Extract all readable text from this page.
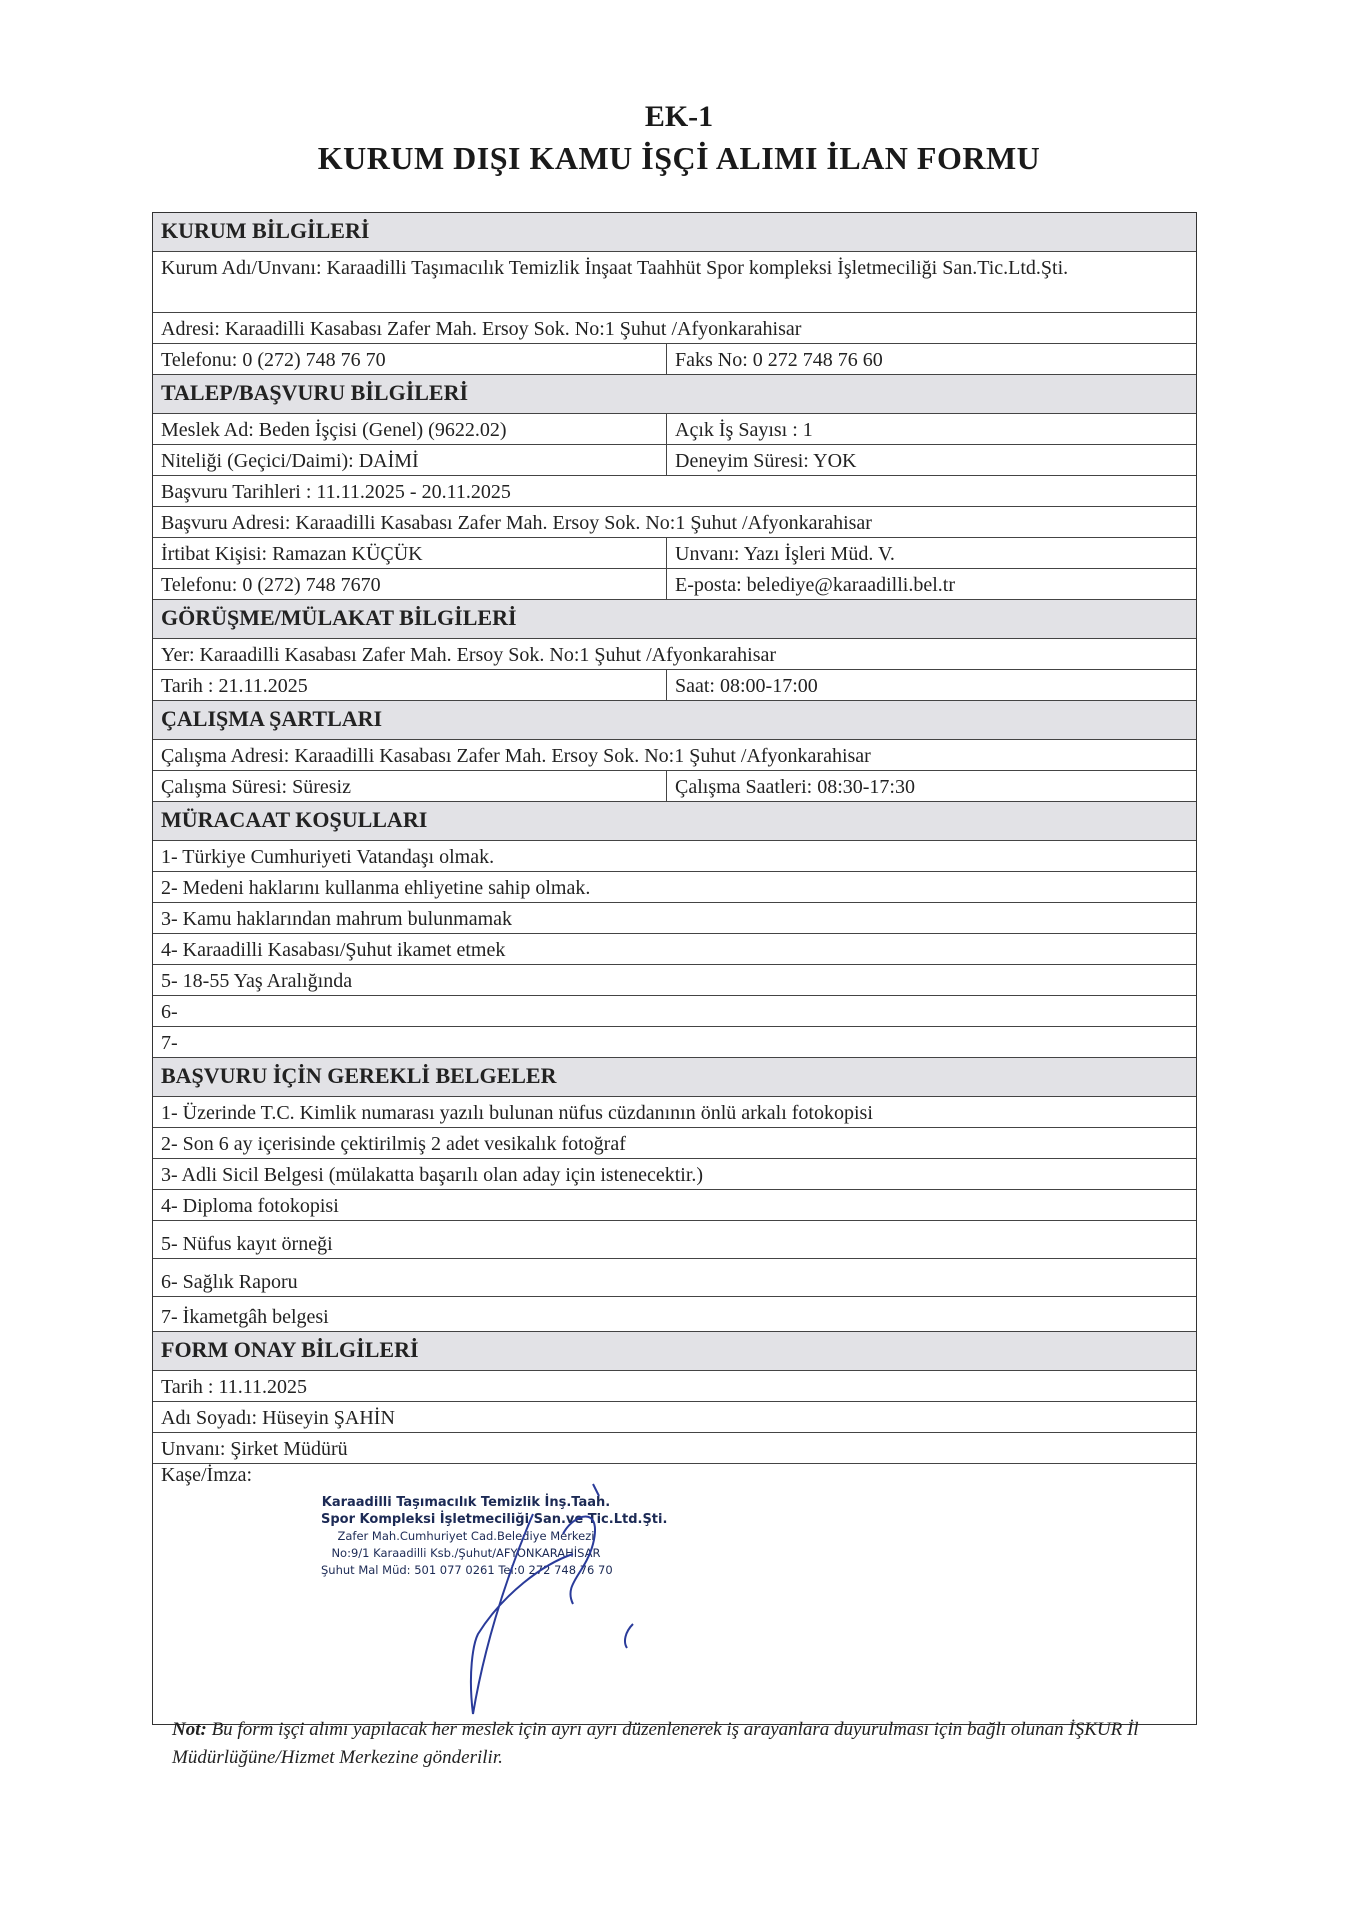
EK-1
KURUM DIŞI KAMU İŞÇİ ALIMI İLAN FORMU
KURUM BİLGİLERİ
Kurum Adı/Unvanı: Karaadilli Taşımacılık Temizlik İnşaat Taahhüt Spor kompleksi İşletmeciliği San.Tic.Ltd.Şti.
Adresi: Karaadilli Kasabası Zafer Mah. Ersoy Sok. No:1 Şuhut /Afyonkarahisar
Telefonu: 0 (272) 748 76 70	Faks No: 0 272 748 76 60
TALEP/BAŞVURU BİLGİLERİ
Meslek Ad: Beden İşçisi (Genel) (9622.02)	Açık İş Sayısı : 1
Niteliği (Geçici/Daimi): DAİMİ	Deneyim Süresi: YOK
Başvuru Tarihleri : 11.11.2025 - 20.11.2025
Başvuru Adresi: Karaadilli Kasabası Zafer Mah. Ersoy Sok. No:1 Şuhut /Afyonkarahisar
İrtibat Kişisi: Ramazan KÜÇÜK	Unvanı: Yazı İşleri Müd. V.
Telefonu: 0 (272) 748 7670	E-posta: belediye@karaadilli.bel.tr
GÖRÜŞME/MÜLAKAT BİLGİLERİ
Yer: Karaadilli Kasabası Zafer Mah. Ersoy Sok. No:1 Şuhut /Afyonkarahisar
Tarih : 21.11.2025	Saat: 08:00-17:00
ÇALIŞMA ŞARTLARI
Çalışma Adresi: Karaadilli Kasabası Zafer Mah. Ersoy Sok. No:1 Şuhut /Afyonkarahisar
Çalışma Süresi: Süresiz	Çalışma Saatleri: 08:30-17:30
MÜRACAAT KOŞULLARI
1- Türkiye Cumhuriyeti Vatandaşı olmak.
2- Medeni haklarını kullanma ehliyetine sahip olmak.
3- Kamu haklarından mahrum bulunmamak
4- Karaadilli Kasabası/Şuhut ikamet etmek
5- 18-55 Yaş Aralığında
6-
7-
BAŞVURU İÇİN GEREKLİ BELGELER
1- Üzerinde T.C. Kimlik numarası yazılı bulunan nüfus cüzdanının önlü arkalı fotokopisi
2- Son 6 ay içerisinde çektirilmiş 2 adet vesikalık fotoğraf
3- Adli Sicil Belgesi (mülakatta başarılı olan aday için istenecektir.)
4- Diploma fotokopisi
5- Nüfus kayıt örneği
6- Sağlık Raporu
7- İkametgâh belgesi
FORM ONAY BİLGİLERİ
Tarih : 11.11.2025
Adı Soyadı: Hüseyin ŞAHİN
Unvanı: Şirket Müdürü
Kaşe/İmza:
Karaadilli Taşımacılık Temizlik İnş.Taah.
Spor Kompleksi İşletmeciliği San.ve Tic.Ltd.Şti.
Zafer Mah.Cumhuriyet Cad.Belediye Merkezi
No:9/1 Karaadilli Ksb./Şuhut/AFYONKARAHİSAR
Şuhut Mal Müd: 501 077 0261 Tel:0 272 748 76 70
Not: Bu form işçi alımı yapılacak her meslek için ayrı ayrı düzenlenerek iş arayanlara duyurulması için bağlı olunan İŞKUR İl Müdürlüğüne/Hizmet Merkezine gönderilir.
